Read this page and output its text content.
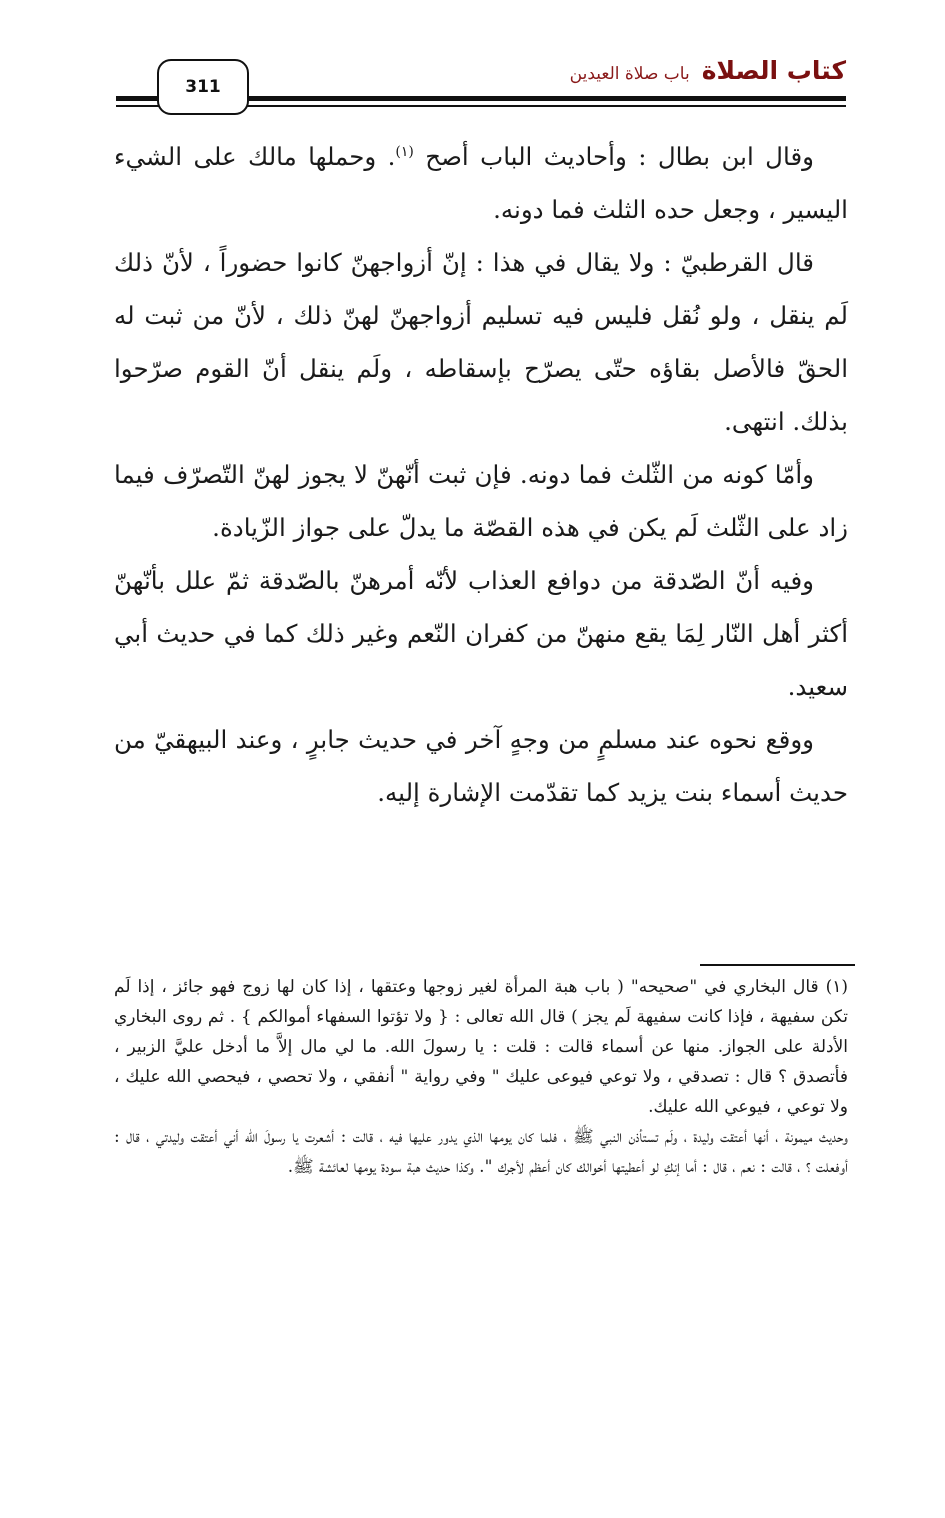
كتاب الصلاة
باب صلاة العيدين
311

وقال ابن بطال : وأحاديث الباب أصح $^{(١)}$. وحملها مالك على الشيء اليسير ، وجعل حده الثلث فما دونه.

قال القرطبيّ : ولا يقال في هذا : إنّ أزواجهنّ كانوا حضوراً ، لأنّ ذلك لَم ينقل ، ولو نُقل فليس فيه تسليم أزواجهنّ لهنّ ذلك ، لأنّ من ثبت له الحقّ فالأصل بقاؤه حتّى يصرّح بإسقاطه ، ولَم ينقل أنّ القوم صرّحوا بذلك. انتهى.

وأمّا كونه من الثّلث فما دونه. فإن ثبت أنّهنّ لا يجوز لهنّ التّصرّف فيما زاد على الثّلث لَم يكن في هذه القصّة ما يدلّ على جواز الزّيادة.

وفيه أنّ الصّدقة من دوافع العذاب لأنّه أمرهنّ بالصّدقة ثمّ علل بأنّهنّ أكثر أهل النّار لِمَا يقع منهنّ من كفران النّعم وغير ذلك كما في حديث أبي سعيد.

ووقع نحوه عند مسلمٍ من وجهٍ آخر في حديث جابرٍ ، وعند البيهقيّ من حديث أسماء بنت يزيد كما تقدّمت الإشارة إليه.

(١) قال البخاري في "صحيحه" ( باب هبة المرأة لغير زوجها وعتقها ، إذا كان لها زوج فهو جائز ، إذا لَم تكن سفيهة ، فإذا كانت سفيهة لَم يجز ) قال الله تعالى : { ولا تؤتوا السفهاء أموالكم } . ثم روى البخاري الأدلة على الجواز. منها عن أسماء قالت : قلت : يا رسولَ الله. ما لي مال إلاَّ ما أدخل عليَّ الزبير ، فأتصدق ؟ قال : تصدقي ، ولا توعي فيوعى عليك " وفي رواية " أنفقي ، ولا تحصي ، فيحصي الله عليك ، ولا توعي ، فيوعي الله عليك.

وحديث ميمونة ، أنها أعتقت وليدة ، ولَم تستأذن النبي ﷺ ، فلما كان يومها الذي يدور عليها فيه ، قالت : أشعرت يا رسولَ الله أني أعتقت وليدتي ، قال : أوفعلت ؟ ، قالت : نعم ، قال : أما إنكِ لو أعطيتها أخوالك كان أعظم لأجرك ". وكذا حديث هبة سودة يومها لعائشة ﷺ.
